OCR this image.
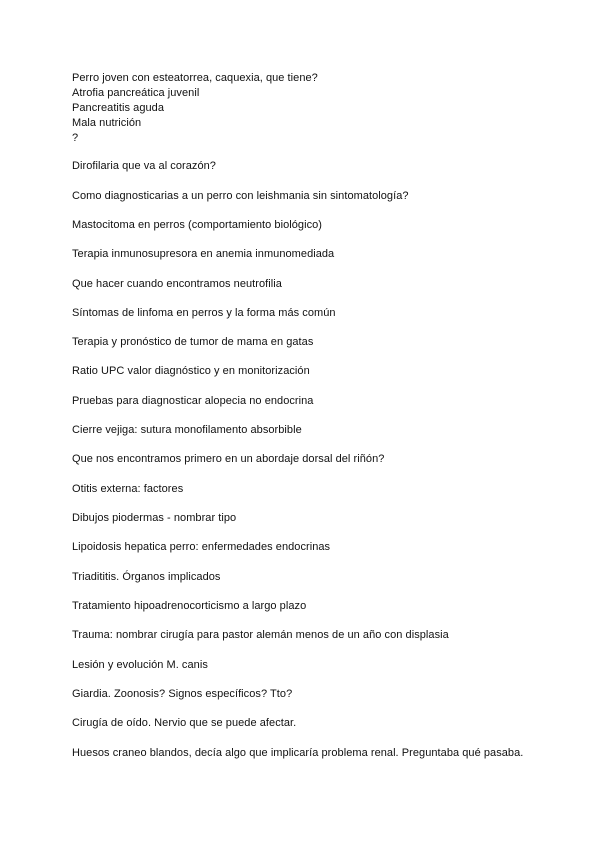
Perro joven con esteatorrea, caquexia, que tiene?
Atrofia pancreática juvenil
Pancreatitis aguda
Mala nutrición
?
Dirofilaria que va al corazón?
Como diagnosticarias a un perro con leishmania sin sintomatología?
Mastocitoma en perros (comportamiento biológico)
Terapia inmunosupresora en anemia inmunomediada
Que hacer cuando encontramos neutrofilia
Síntomas de linfoma en perros y la forma más común
Terapia y pronóstico de tumor de mama en gatas
Ratio UPC valor diagnóstico y en monitorización
Pruebas para diagnosticar alopecia no endocrina
Cierre vejiga: sutura monofilamento absorbible
Que nos encontramos primero en un abordaje dorsal del riñón?
Otitis externa: factores
Dibujos piodermas - nombrar tipo
Lipoidosis hepatica perro: enfermedades endocrinas
Triadititis. Órganos implicados
Tratamiento hipoadrenocorticismo a largo plazo
Trauma: nombrar cirugía para pastor alemán menos de un año con displasia
Lesión y evolución M. canis
Giardia. Zoonosis? Signos específicos? Tto?
Cirugía de oído. Nervio que se puede afectar.
Huesos craneo blandos, decía algo que implicaría problema renal. Preguntaba qué pasaba.
